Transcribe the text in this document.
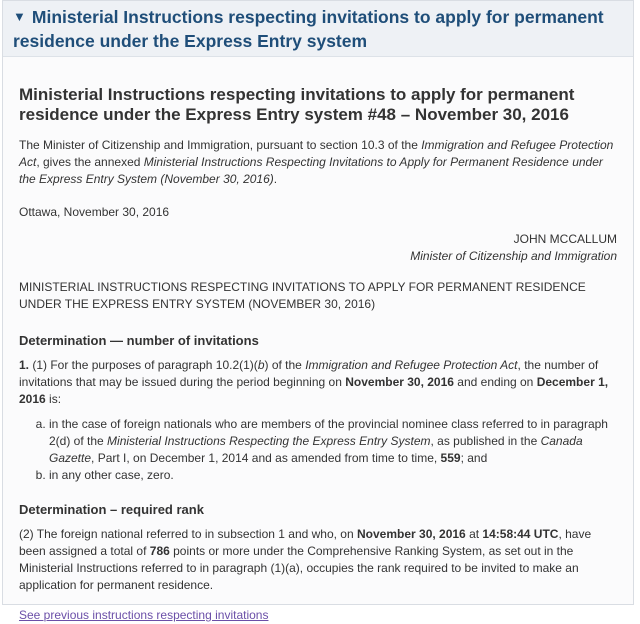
▼ Ministerial Instructions respecting invitations to apply for permanent residence under the Express Entry system
Ministerial Instructions respecting invitations to apply for permanent residence under the Express Entry system #48 – November 30, 2016

The Minister of Citizenship and Immigration, pursuant to section 10.3 of the Immigration and Refugee Protection Act, gives the annexed Ministerial Instructions Respecting Invitations to Apply for Permanent Residence under the Express Entry System (November 30, 2016).

Ottawa, November 30, 2016

JOHN MCCALLUM

Minister of Citizenship and Immigration

MINISTERIAL INSTRUCTIONS RESPECTING INVITATIONS TO APPLY FOR PERMANENT RESIDENCE UNDER THE EXPRESS ENTRY SYSTEM (NOVEMBER 30, 2016)

Determination — number of invitations

1. (1) For the purposes of paragraph 10.2(1)(b) of the Immigration and Refugee Protection Act, the number of invitations that may be issued during the period beginning on November 30, 2016 and ending on December 1, 2016 is:

a. in the case of foreign nationals who are members of the provincial nominee class referred to in paragraph 2(d) of the Ministerial Instructions Respecting the Express Entry System, as published in the Canada Gazette, Part I, on December 1, 2014 and as amended from time to time, 559; and
b. in any other case, zero.
Determination – required rank

(2) The foreign national referred to in subsection 1 and who, on November 30, 2016 at 14:58:44 UTC, have been assigned a total of 786 points or more under the Comprehensive Ranking System, as set out in the Ministerial Instructions referred to in paragraph (1)(a), occupies the rank required to be invited to make an application for permanent residence.

See previous instructions respecting invitations
